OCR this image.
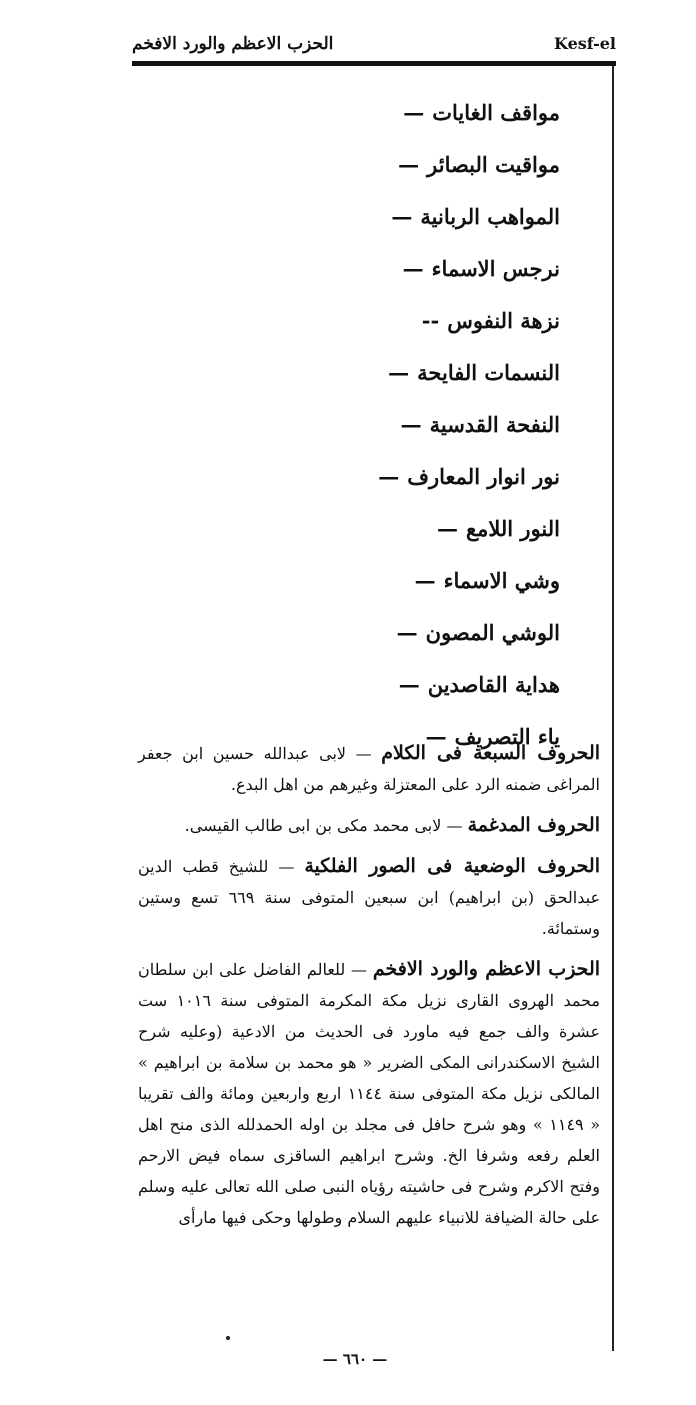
الحزب الاعظم والورد الافخم	Kesf-el
مواقف الغايات
—
مواقيت البصائر
—
المواهب الربانية
—
نرجس الاسماء
—
نزهة النفوس
--
النسمات الفايحة
—
النفحة القدسية
—
نور انوار المعارف
—
النور اللامع
—
وشي الاسماء
—
الوشي المصون
—
هداية القاصدين
—
ياء التصريف
—
الحروف السبعة فى الكلام — لابى عبدالله حسين ابن جعفر المراغى ضمنه الرد على المعتزلة وغيرهم من اهل البدع.
الحروف المدغمة — لابى محمد مكى بن ابى طالب القيسى.
الحروف الوضعية فى الصور الفلكية — للشيخ قطب الدين عبدالحق (بن ابراهيم) ابن سبعين المتوفى سنة ٦٦٩ تسع وستين وستمائة.
الحزب الاعظم والورد الافخم — للعالم الفاضل على ابن سلطان محمد الهروى القارى نزيل مكة المكرمة المتوفى سنة ١٠١٦ ست عشرة والف جمع فيه ماورد فى الحديث من الادعية (وعليه شرح الشيخ الاسكندرانى المكى الضرير « هو محمد بن سلامة بن ابراهيم » المالكى نزيل مكة المتوفى سنة ١١٤٤ اربع واربعين ومائة والف تقريبا « ١١٤٩ » وهو شرح حافل فى مجلد بن اوله الحمدلله الذى منح اهل العلم رفعه وشرفا الخ. وشرح ابراهيم الساقزى سماه فيض الارحم وفتح الاكرم وشرح فى حاشيته رؤياه النبى صلى الله تعالى عليه وسلم على حالة الضيافة للانبياء عليهم السلام وطولها وحكى فيها مارأى
— ٦٦٠ —
